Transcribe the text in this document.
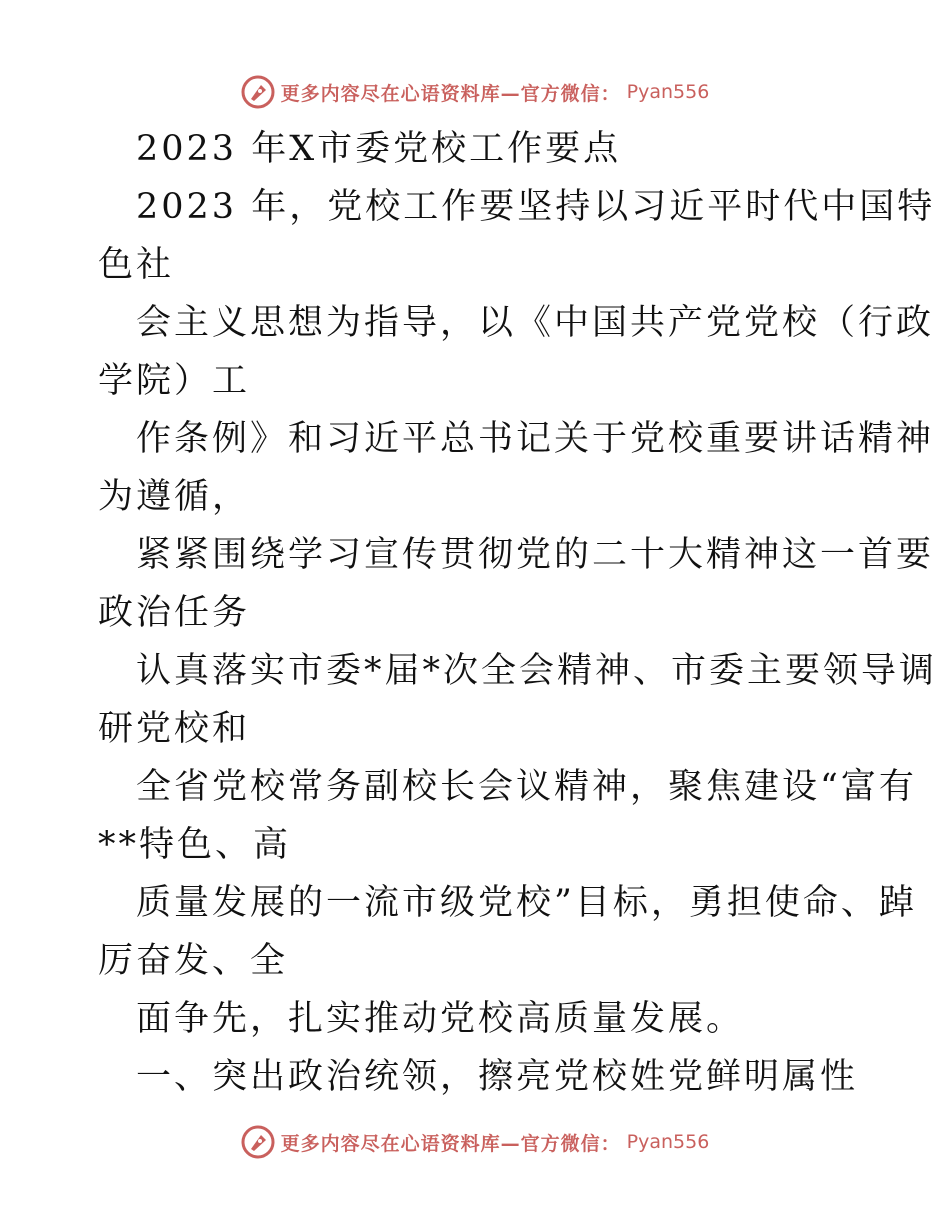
更多内容尽在心语资料库—官方微信： Pyan556
2023 年X市委党校工作要点
2023 年，党校工作要坚持以习近平时代中国特
色社
会主义思想为指导，以《中国共产党党校（行政
学院）工
作条例》和习近平总书记关于党校重要讲话精神
为遵循，
紧紧围绕学习宣传贯彻党的二十大精神这一首要
政治任务
认真落实市委*届*次全会精神、市委主要领导调
研党校和
全省党校常务副校长会议精神，聚焦建设“富有
**特色、高
质量发展的一流市级党校”目标，勇担使命、踔
厉奋发、全
面争先，扎实推动党校高质量发展。
一、突出政治统领，擦亮党校姓党鲜明属性
更多内容尽在心语资料库—官方微信： Pyan556
